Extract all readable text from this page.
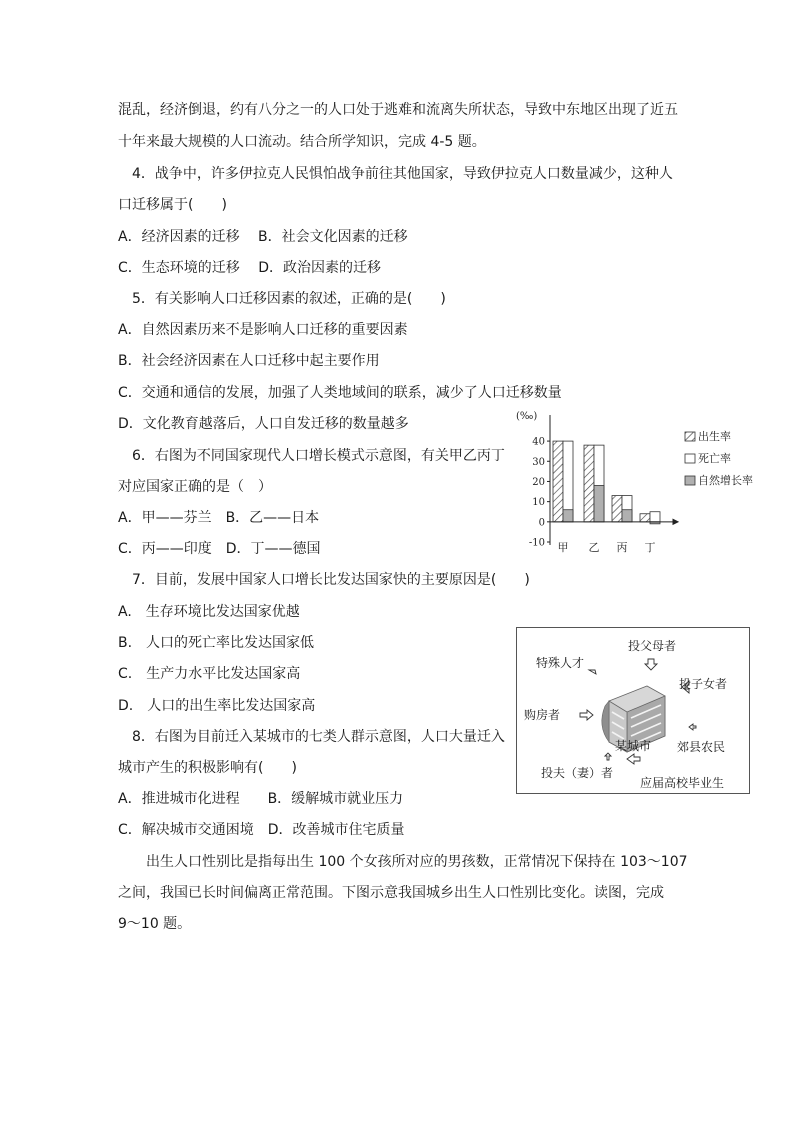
混乱，经济倒退，约有八分之一的人口处于逃难和流离失所状态，导致中东地区出现了近五
十年来最大规模的人口流动。结合所学知识，完成 4-5 题。
4．战争中，许多伊拉克人民惧怕战争前往其他国家，导致伊拉克人口数量减少，这种人
口迁移属于(　　)
A．经济因素的迁移　 B．社会文化因素的迁移
C．生态环境的迁移　 D．政治因素的迁移
5．有关影响人口迁移因素的叙述，正确的是(　　)
A．自然因素历来不是影响人口迁移的重要因素
B．社会经济因素在人口迁移中起主要作用
C．交通和通信的发展，加强了人类地域间的联系，减少了人口迁移数量
D．文化教育越落后，人口自发迁移的数量越多
6．右图为不同国家现代人口增长模式示意图，有关甲乙丙丁
对应国家正确的是（　）
A．甲——芬兰　B．乙——日本
C．丙——印度　D．丁——德国
7．目前，发展中国家人口增长比发达国家快的主要原因是(　　)
A.　生存环境比发达国家优越
B.　人口的死亡率比发达国家低
C.　生产力水平比发达国家高
D.　人口的出生率比发达国家高
8．右图为目前迁入某城市的七类人群示意图，人口大量迁入
城市产生的积极影响有(　　)
A．推进城市化进程　　B．缓解城市就业压力
C．解决城市交通困境　D．改善城市住宅质量
出生人口性别比是指每出生 100 个女孩所对应的男孩数，正常情况下保持在 103～107
之间，我国已长时间偏离正常范围。下图示意我国城乡出生人口性别比变化。读图，完成
9～10 题。
(‰)
40
30
20
10
0
-10 甲 乙 丙 丁
出生率
死亡率
自然增长率
投父母者
投子女者
郊县农民
应届高校毕业生
投夫（妻）者
购房者
特殊人才
某城市
